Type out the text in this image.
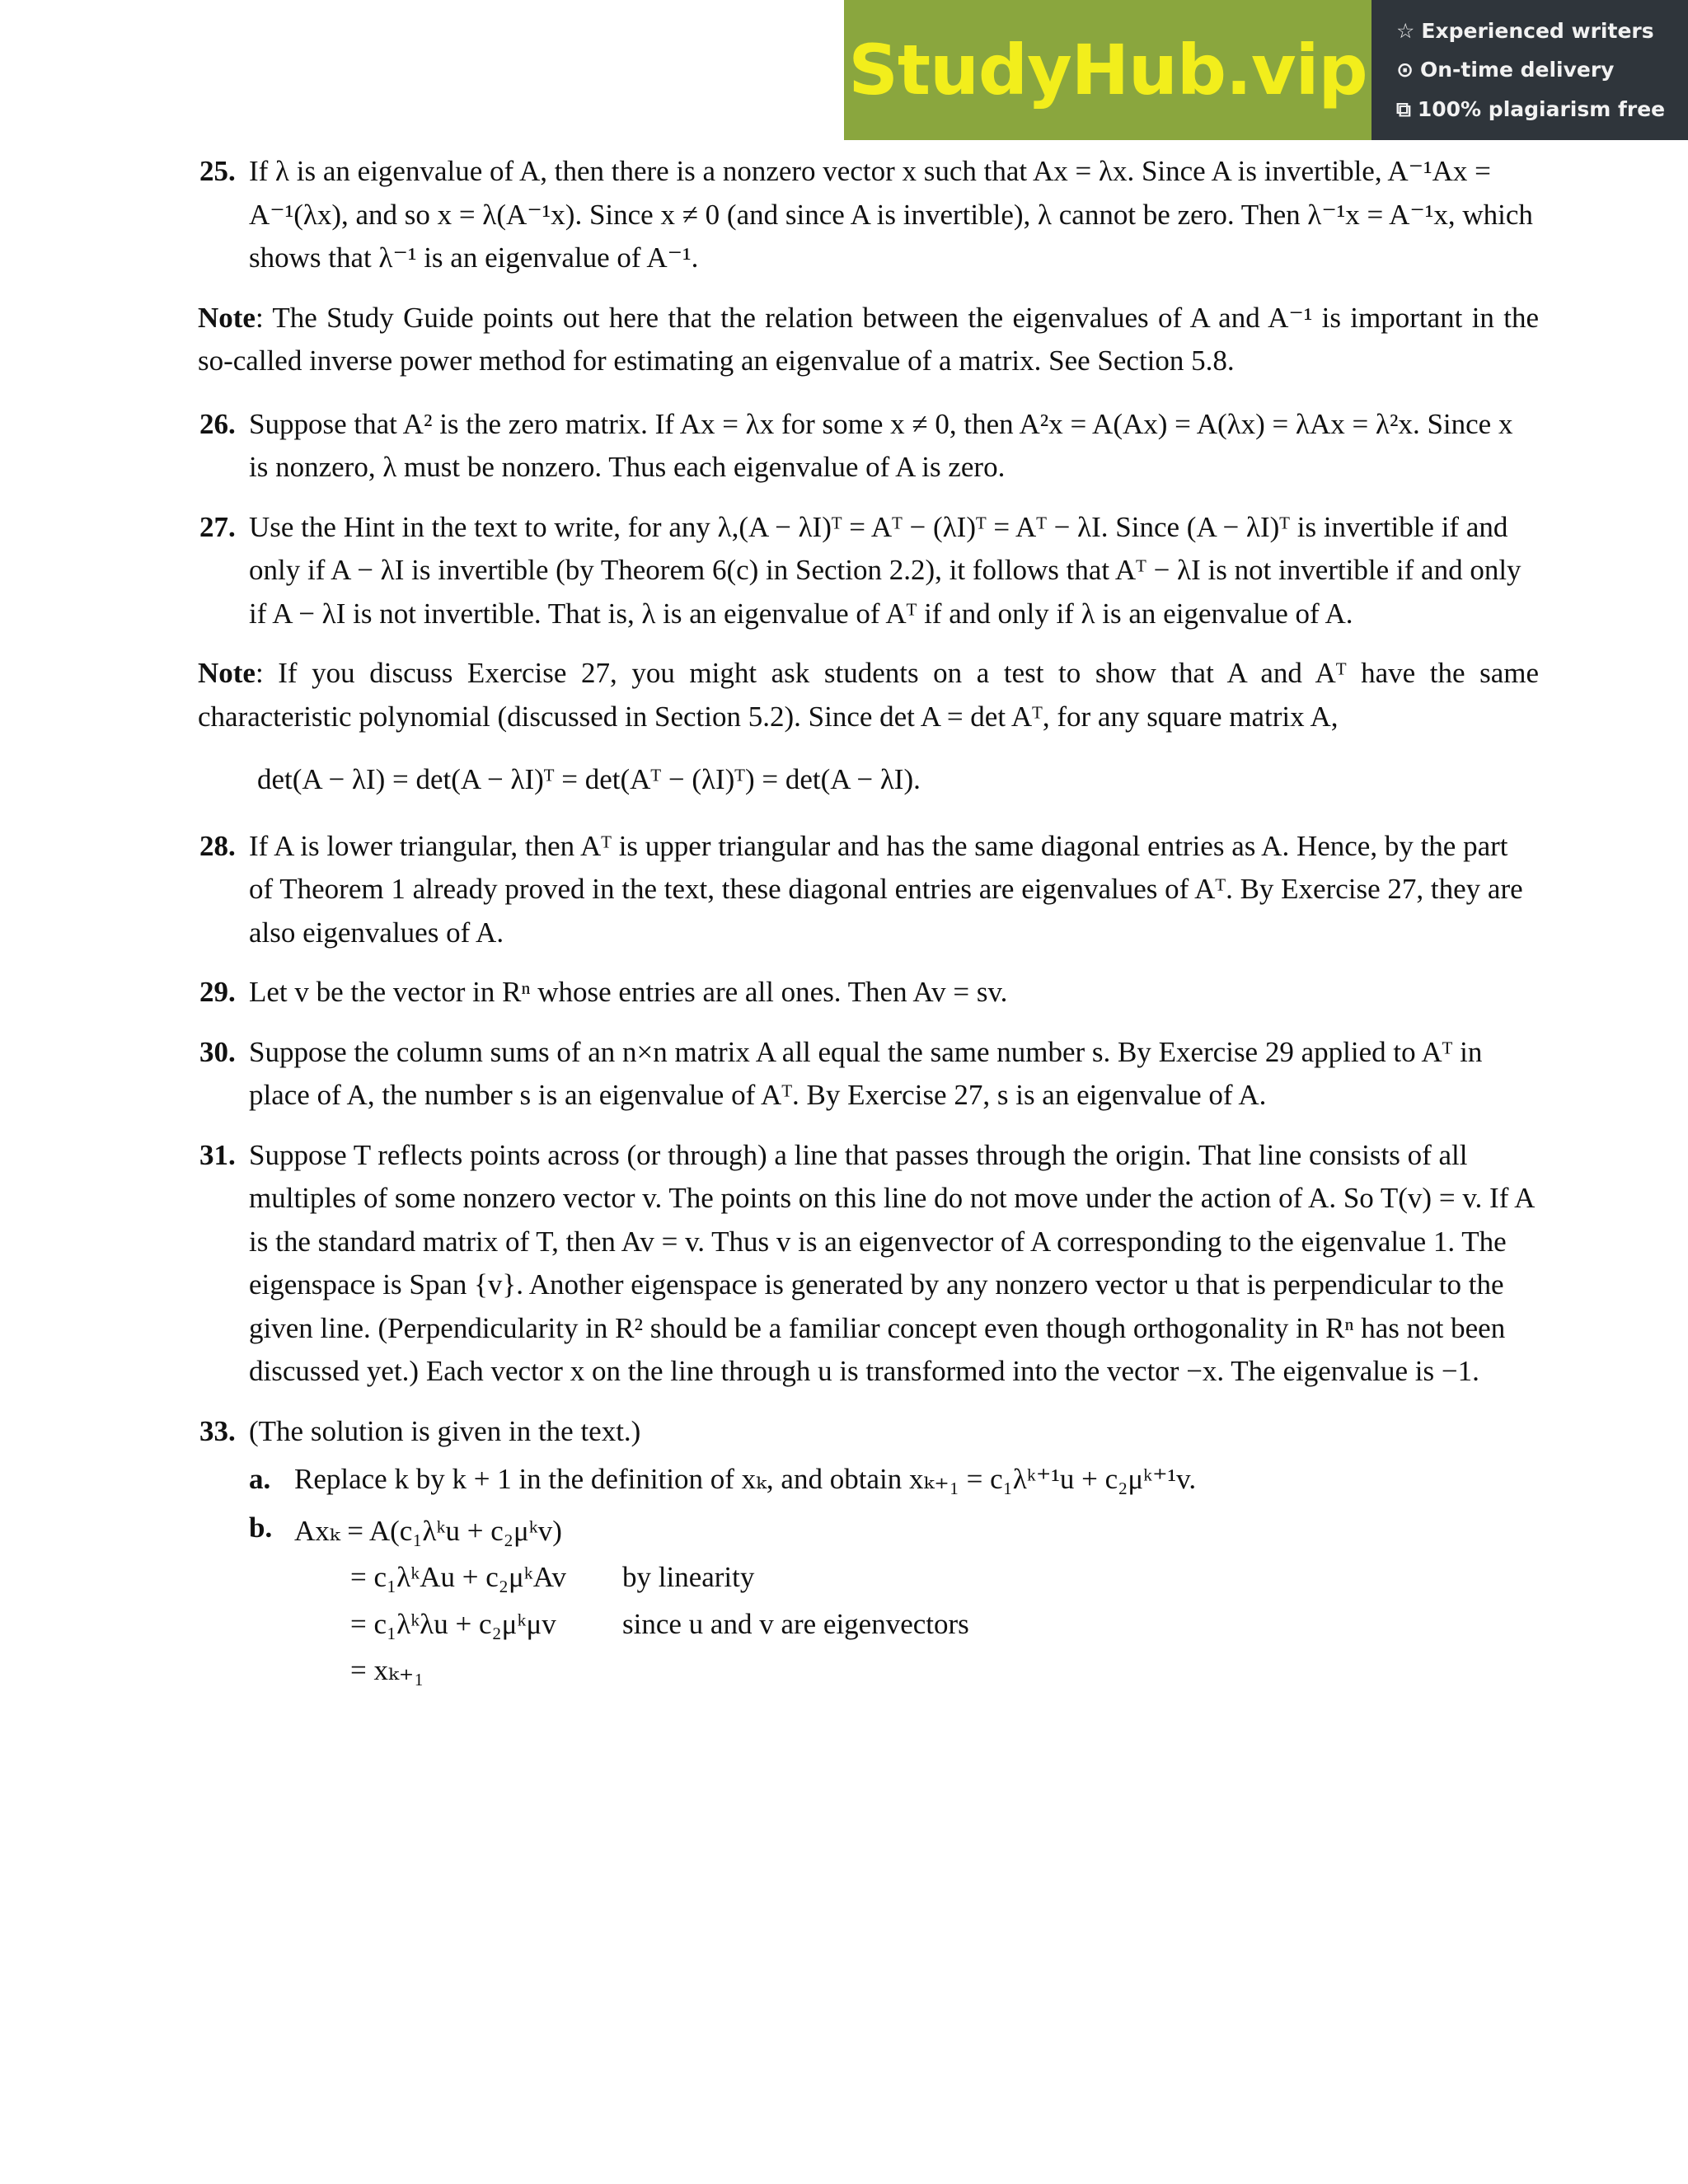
StudyHub.vip ☆ Experienced writers
⊙ On-time delivery
⧉ 100% plagiarism free
25. If λ is an eigenvalue of A, then there is a nonzero vector x such that Ax = λx. Since A is invertible, A⁻¹Ax = A⁻¹(λx), and so x = λ(A⁻¹x). Since x ≠ 0 (and since A is invertible), λ cannot be zero. Then λ⁻¹x = A⁻¹x, which shows that λ⁻¹ is an eigenvalue of A⁻¹.
Note: The Study Guide points out here that the relation between the eigenvalues of A and A⁻¹ is important in the so-called inverse power method for estimating an eigenvalue of a matrix. See Section 5.8.
26. Suppose that A² is the zero matrix. If Ax = λx for some x ≠ 0, then A²x = A(Ax) = A(λx) = λAx = λ²x. Since x is nonzero, λ must be nonzero. Thus each eigenvalue of A is zero.
27. Use the Hint in the text to write, for any λ,(A − λI)ᵀ = Aᵀ − (λI)ᵀ = Aᵀ − λI. Since (A − λI)ᵀ is invertible if and only if A − λI is invertible (by Theorem 6(c) in Section 2.2), it follows that Aᵀ − λI is not invertible if and only if A − λI is not invertible. That is, λ is an eigenvalue of Aᵀ if and only if λ is an eigenvalue of A.
Note: If you discuss Exercise 27, you might ask students on a test to show that A and Aᵀ have the same characteristic polynomial (discussed in Section 5.2). Since det A = det Aᵀ, for any square matrix A,
det(A − λI) = det(A − λI)ᵀ = det(Aᵀ − (λI)ᵀ) = det(A − λI).
28. If A is lower triangular, then Aᵀ is upper triangular and has the same diagonal entries as A. Hence, by the part of Theorem 1 already proved in the text, these diagonal entries are eigenvalues of Aᵀ. By Exercise 27, they are also eigenvalues of A.
29. Let v be the vector in Rⁿ whose entries are all ones. Then Av = sv.
30. Suppose the column sums of an n×n matrix A all equal the same number s. By Exercise 29 applied to Aᵀ in place of A, the number s is an eigenvalue of Aᵀ. By Exercise 27, s is an eigenvalue of A.
31. Suppose T reflects points across (or through) a line that passes through the origin. That line consists of all multiples of some nonzero vector v. The points on this line do not move under the action of A. So T(v) = v. If A is the standard matrix of T, then Av = v. Thus v is an eigenvector of A corresponding to the eigenvalue 1. The eigenspace is Span {v}. Another eigenspace is generated by any nonzero vector u that is perpendicular to the given line. (Perpendicularity in R² should be a familiar concept even though orthogonality in Rⁿ has not been discussed yet.) Each vector x on the line through u is transformed into the vector −x. The eigenvalue is −1.
33. (The solution is given in the text.)
a. Replace k by k + 1 in the definition of xₖ, and obtain xₖ₊₁ = c₁λᵏ⁺¹u + c₂μᵏ⁺¹v.
b. Axₖ = A(c₁λᵏu + c₂μᵏv)
= c₁λᵏAu + c₂μᵏAv	by linearity
= c₁λᵏλu + c₂μᵏμv	since u and v are eigenvectors
= xₖ₊₁
